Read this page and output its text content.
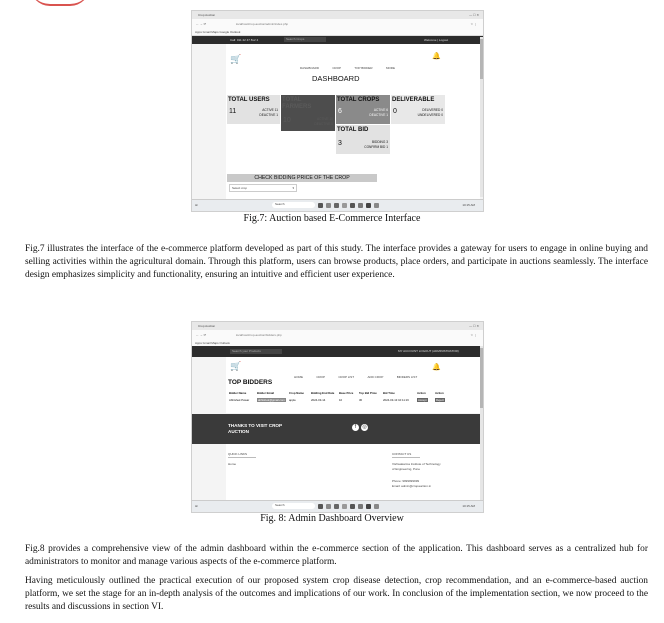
Crop Auction	— ☐ ✕
← → ⟳	localhost/crop-auction/admin/index.php	☆ ⋮
Apps Gmail Maps Google Outlook
Call: 011 22 47 8x2 4	Search Crops	Welcome | Logout
🛒
DASHBOARD	CROP	TOP BIDDER	MORE
🔔
DASHBOARD
TOTAL USERS
11	ACTIVE 11
DEACTIVE 1
TOTAL FARMERS
10	ACTIVE 10
DEACTIVE 0
TOTAL CROPS
6	ACTIVE 6
DEACTIVE 1
DELIVERABLE
0	DELIVERED 0
UNDELIVERED 0
TOTAL BID
3	BIDDING 3
CONFIRM BID 1
CHECK BIDDING PRICE OF THE CROP
Select crop	▾
⊞	Search	10:15 AM
Fig.7: Auction based E-Commerce Interface
Fig.7 illustrates the interface of the e-commerce platform developed as part of this study. The interface provides a gateway for users to engage in online buying and selling activities within the agricultural domain. Through this platform, users can browse products, place orders, and participate in auctions seamlessly. The interface design emphasizes simplicity and functionality, ensuring an intuitive and efficient user experience.
Crop Auction	— ☐ ✕
← → ⟳	localhost/crop-auction/bidders.php	☆ ⋮
Apps Gmail Maps Outlook
Search your Products	MY ACCOUNT LOGOUT (ADMINISTRATOR)
🛒
HOME	CROP	CROP LIST	ADD CROP	BIDDERS LIST
🔔
TOP BIDDERS
Bidder Name	Bidder Email	Crop Name	Bidding End Date	Base Price	Top Bid Price	Bid Time	Action	Action
Abhishek Pawar	abhishek@gmail.com	apple	2024-03-14	10	30	2024-03-13 10:11:16	Accept	Reject
THANKS TO VISIT CROP AUCTION
f	◎
QUICK LINKS
Home
CONTACT US
Vishwakarma Institute of Technology
of Engineering, Pune
Phone: 9999999999
Email: admin@cropauction.in
⊞	Search	10:15 AM
Fig. 8: Admin Dashboard Overview
Fig.8 provides a comprehensive view of the admin dashboard within the e-commerce section of the application. This dashboard serves as a centralized hub for administrators to monitor and manage various aspects of the e-commerce platform.
Having meticulously outlined the practical execution of our proposed system crop disease detection, crop recommendation, and an e-commerce-based auction platform, we set the stage for an in-depth analysis of the outcomes and implications of our work. In conclusion of the implementation section, we now proceed to the results and discussions in section VI.
